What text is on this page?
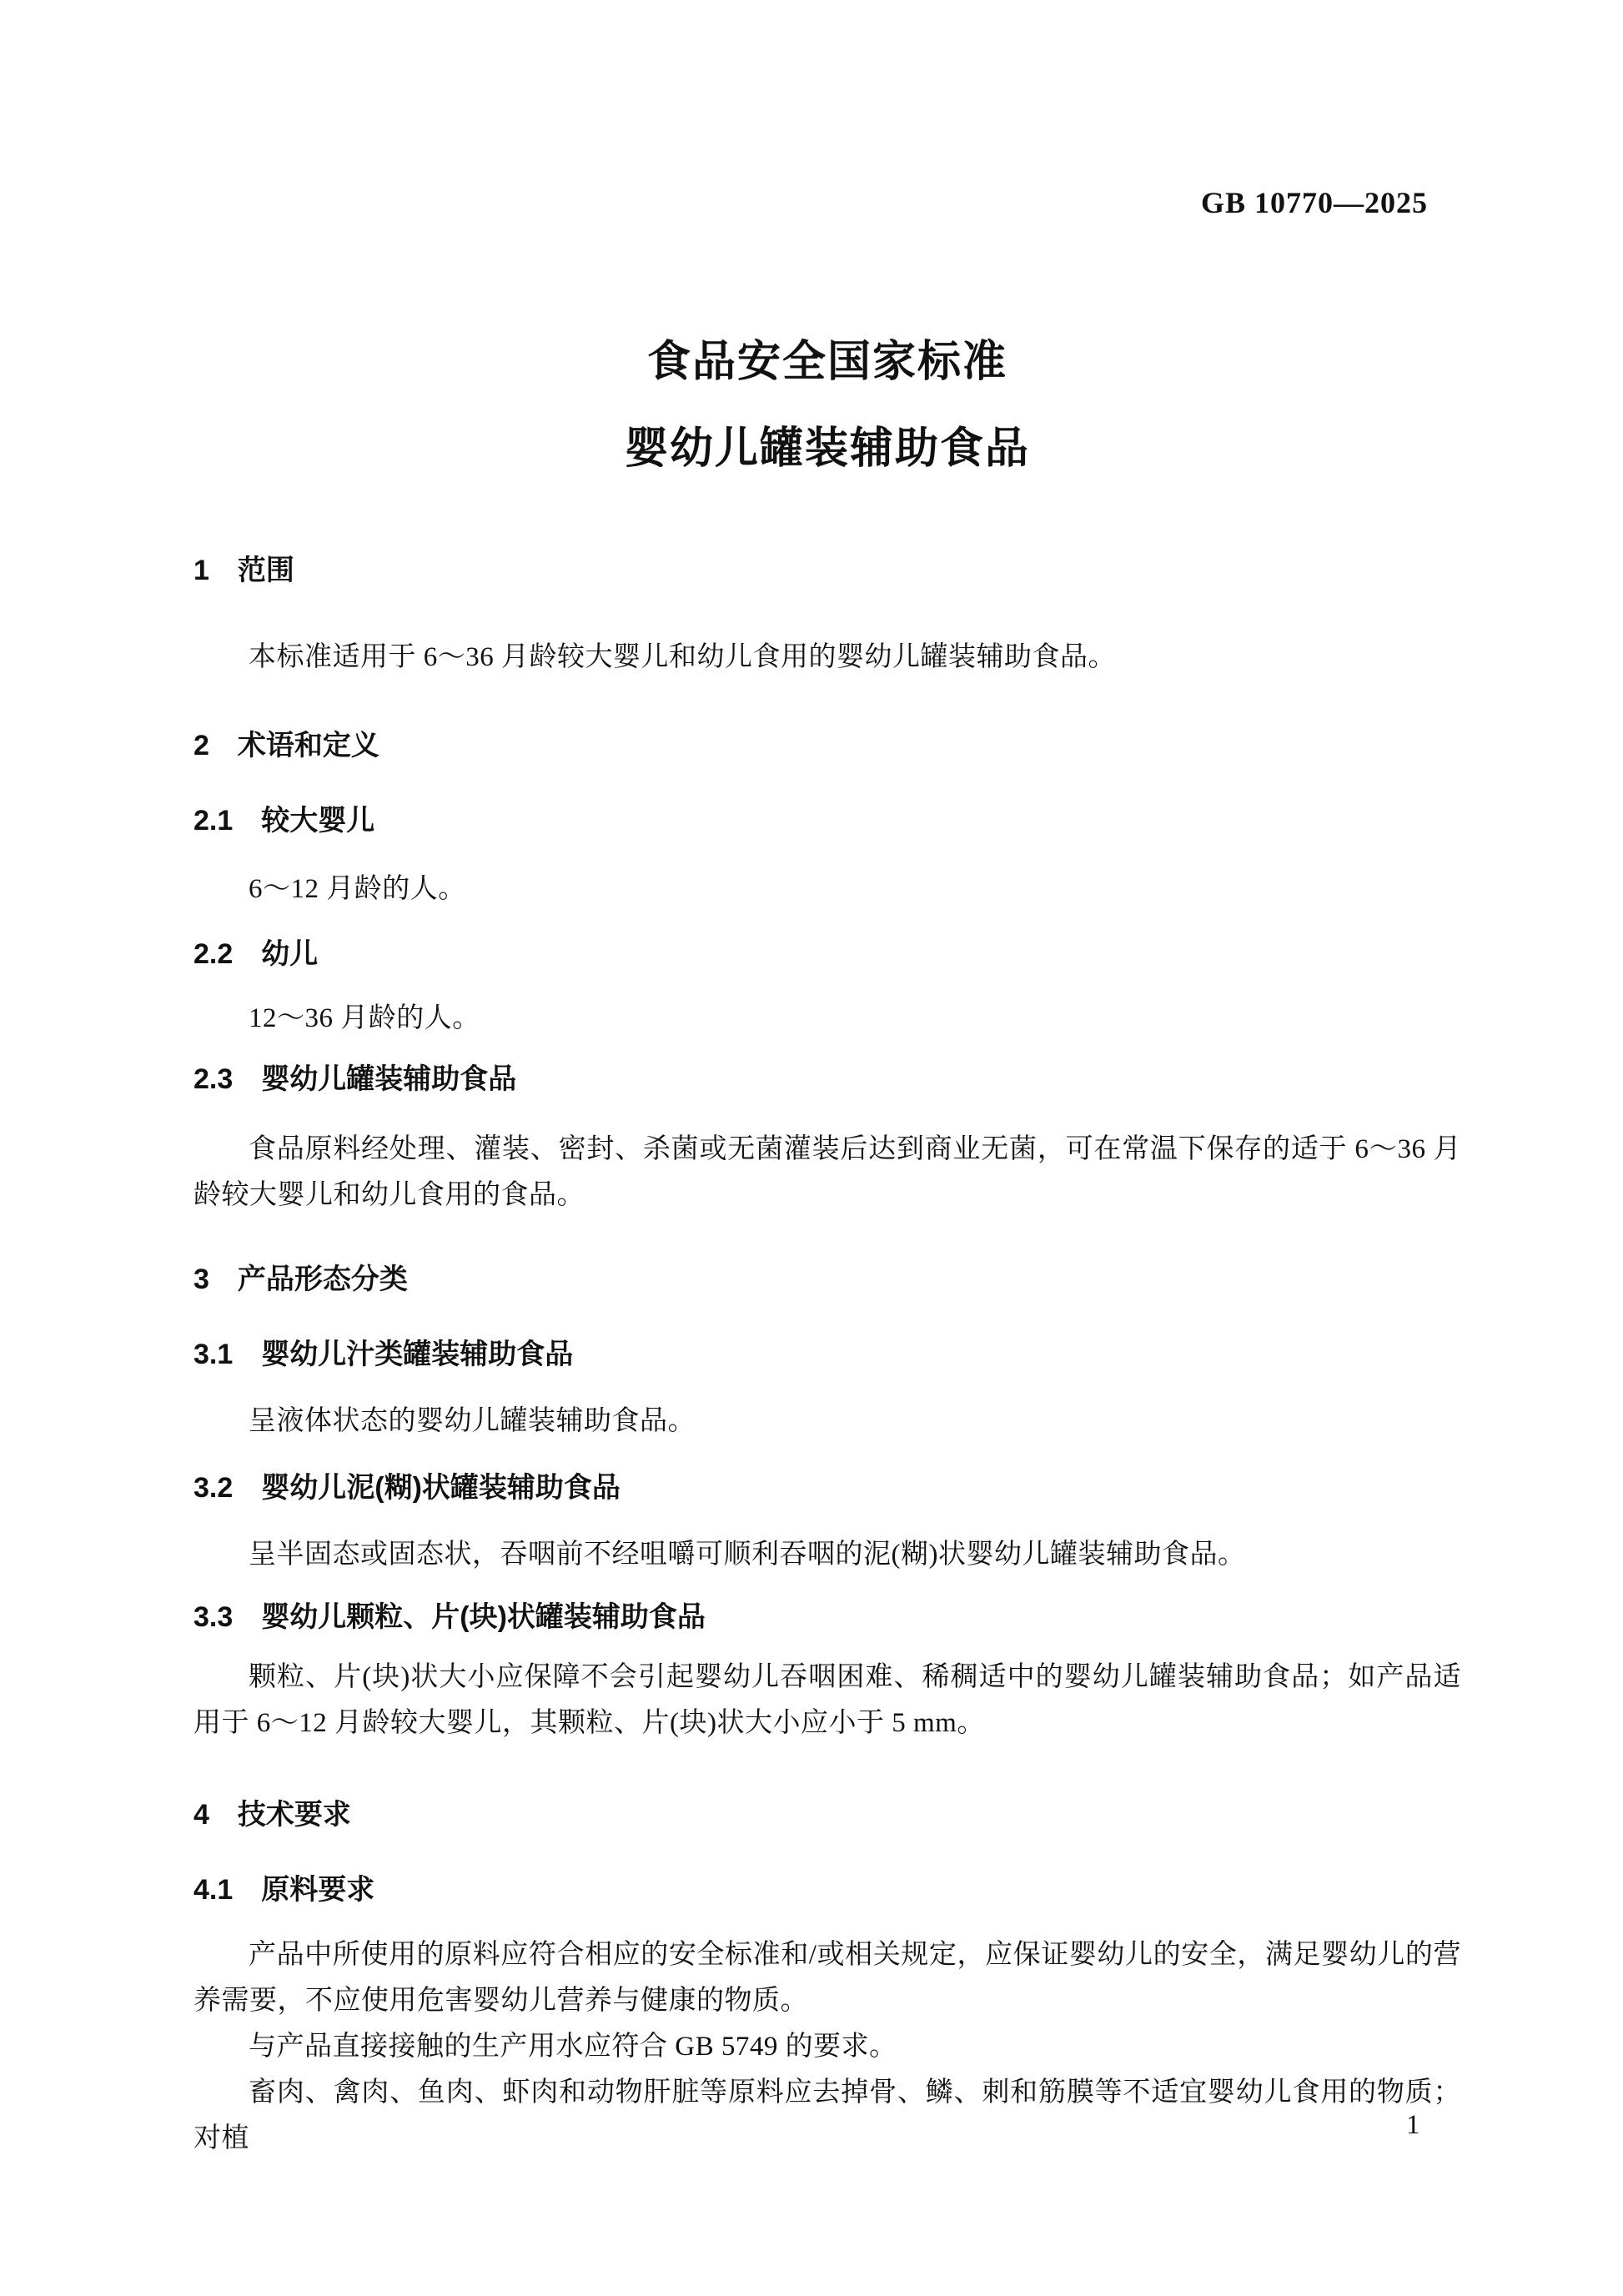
GB 10770—2025
食品安全国家标准
婴幼儿罐装辅助食品
1 范围

本标准适用于 6～36 月龄较大婴儿和幼儿食用的婴幼儿罐装辅助食品。

2 术语和定义
2.1 较大婴儿

6～12 月龄的人。

2.2 幼儿

12～36 月龄的人。

2.3 婴幼儿罐装辅助食品

食品原料经处理、灌装、密封、杀菌或无菌灌装后达到商业无菌，可在常温下保存的适于 6～36 月龄较大婴儿和幼儿食用的食品。

3 产品形态分类
3.1 婴幼儿汁类罐装辅助食品

呈液体状态的婴幼儿罐装辅助食品。

3.2 婴幼儿泥(糊)状罐装辅助食品

呈半固态或固态状，吞咽前不经咀嚼可顺利吞咽的泥(糊)状婴幼儿罐装辅助食品。

3.3 婴幼儿颗粒、片(块)状罐装辅助食品

颗粒、片(块)状大小应保障不会引起婴幼儿吞咽困难、稀稠适中的婴幼儿罐装辅助食品；如产品适用于 6～12 月龄较大婴儿，其颗粒、片(块)状大小应小于 5 mm。

4 技术要求
4.1 原料要求

产品中所使用的原料应符合相应的安全标准和/或相关规定，应保证婴幼儿的安全，满足婴幼儿的营养需要，不应使用危害婴幼儿营养与健康的物质。

与产品直接接触的生产用水应符合 GB 5749 的要求。

畜肉、禽肉、鱼肉、虾肉和动物肝脏等原料应去掉骨、鳞、刺和筋膜等不适宜婴幼儿食用的物质；对植	1
